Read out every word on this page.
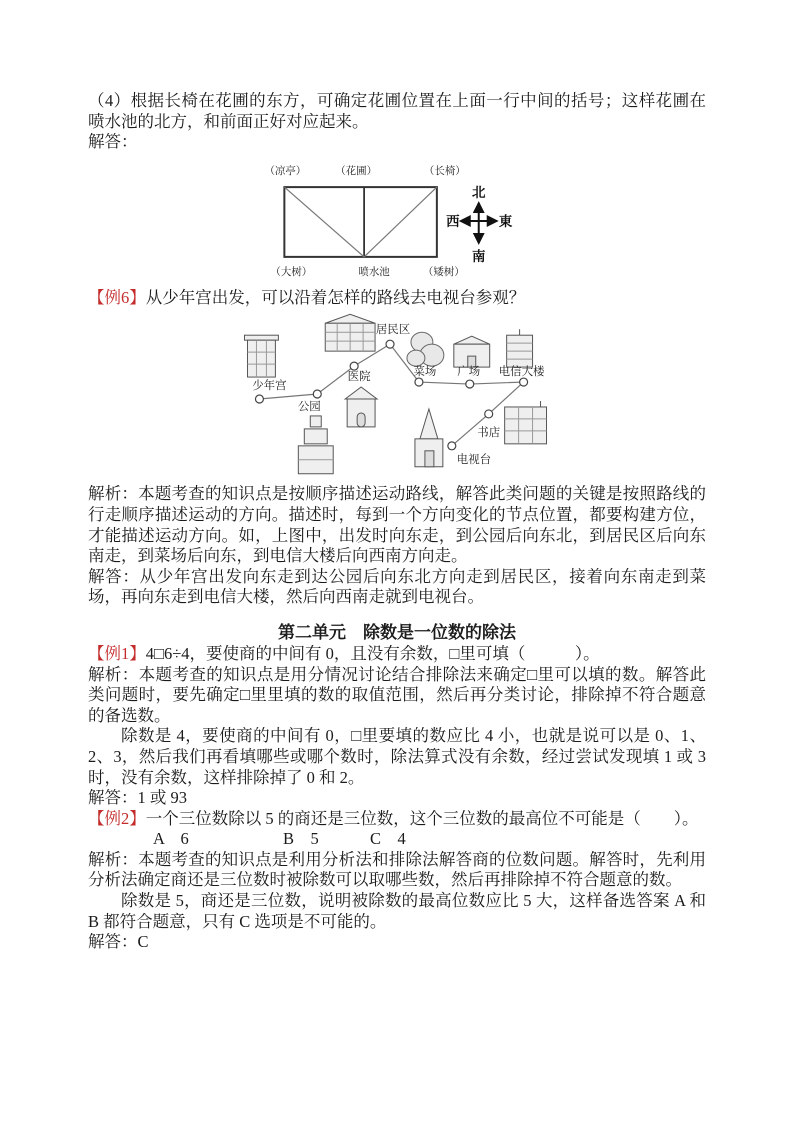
（4）根据长椅在花圃的东方，可确定花圃位置在上面一行中间的括号；这样花圃在喷水池的北方，和前面正好对应起来。

解答：

（凉亭）	（花圃）	（长椅）
（大树）	喷水池	（矮树）
北
南
西	東

【例6】从少年宫出发，可以沿着怎样的路线去电视台参观？

少年宫
公园
医院
居民区
菜场 广场 电信大楼
书店
电视台

解析：本题考查的知识点是按顺序描述运动路线，解答此类问题的关键是按照路线的行走顺序描述运动的方向。描述时，每到一个方向变化的节点位置，都要构建方位，才能描述运动方向。如，上图中，出发时向东走，到公园后向东北，到居民区后向东南走，到菜场后向东，到电信大楼后向西南方向走。

解答：从少年宫出发向东走到达公园后向东北方向走到居民区，接着向东南走到菜场，再向东走到电信大楼，然后向西南走就到电视台。

第二单元　除数是一位数的除法

【例1】4□6÷4，要使商的中间有 0，且没有余数，□里可填（　　　）。

解析：本题考查的知识点是用分情况讨论结合排除法来确定□里可以填的数。解答此类问题时，要先确定□里里填的数的取值范围，然后再分类讨论，排除掉不符合题意的备选数。

除数是 4，要使商的中间有 0，□里要填的数应比 4 小，也就是说可以是 0、1、2、3，然后我们再看填哪些或哪个数时，除法算式没有余数，经过尝试发现填 1 或 3 时，没有余数，这样排除掉了 0 和 2。

解答：1 或 93

【例2】一个三位数除以 5 的商还是三位数，这个三位数的最高位不可能是（　　）。

A　6	B　5	C　4

解析：本题考查的知识点是利用分析法和排除法解答商的位数问题。解答时，先利用分析法确定商还是三位数时被除数可以取哪些数，然后再排除掉不符合题意的数。

除数是 5，商还是三位数，说明被除数的最高位数应比 5 大，这样备选答案 A 和 B 都符合题意，只有 C 选项是不可能的。

解答：C
